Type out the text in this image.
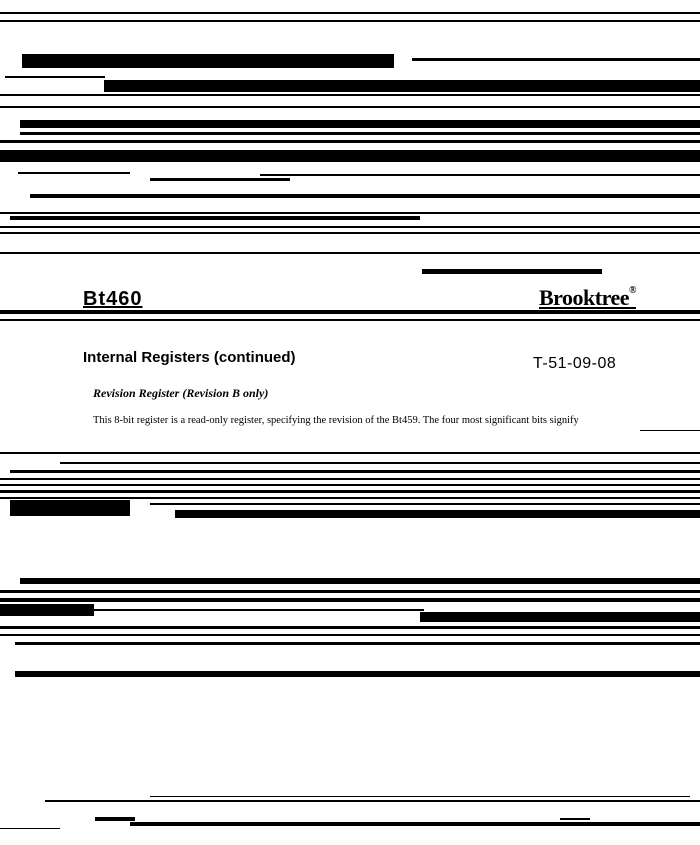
Bt460	Brooktree®
Internal Registers (continued)	T-51-09-08
Revision Register (Revision B only)
This 8-bit register is a read-only register, specifying the revision of the Bt459. The four most significant bits signify
